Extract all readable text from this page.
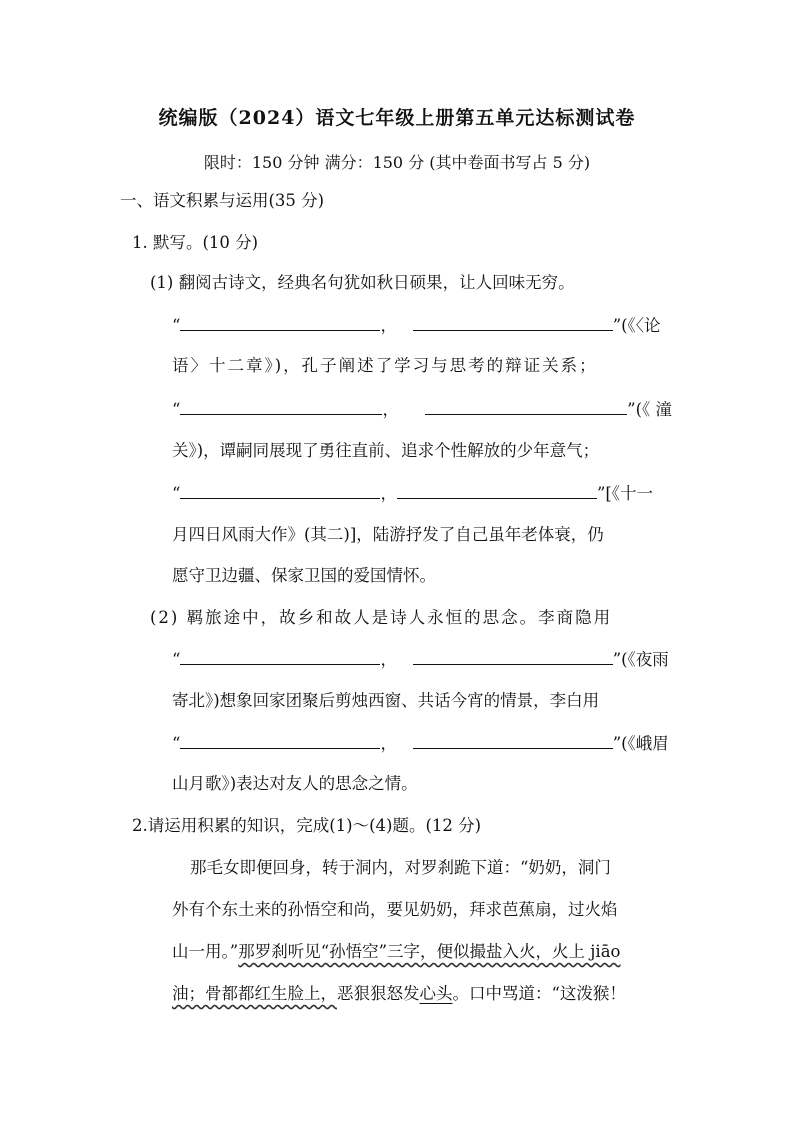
统编版（2024）语文七年级上册第五单元达标测试卷
限时：150 分钟 满分：150 分 (其中卷面书写占 5 分)
一、语文积累与运用(35 分)
1. 默写。(10 分)
(1) 翻阅古诗文，经典名句犹如秋日硕果，让人回味无穷。
“	，	”(《〈论
语〉十二章》)，孔子阐述了学习与思考的辩证关系；
“	，	”(《 潼
关》)，谭嗣同展现了勇往直前、追求个性解放的少年意气；
“	，	”[《十一
月四日风雨大作》(其二)]，陆游抒发了自己虽年老体衰，仍
愿守卫边疆、保家卫国的爱国情怀。
(2) 羁旅途中，故乡和故人是诗人永恒的思念。李商隐用
“	，	”(《夜雨
寄北》)想象回家团聚后剪烛西窗、共话今宵的情景，李白用
“	，	”(《峨眉
山月歌》)表达对友人的思念之情。
2.请运用积累的知识，完成(1)～(4)题。(12 分)
那毛女即便回身，转于洞内，对罗刹跪下道：“奶奶，洞门
外有个东土来的孙悟空和尚，要见奶奶，拜求芭蕉扇，过火焰
山一用。”那罗刹听见“孙悟空”三字，便似撮盐入火，火上 jiāo
油；骨都都红生脸上，恶狠狠怒发心头。口中骂道：“这泼猴！
